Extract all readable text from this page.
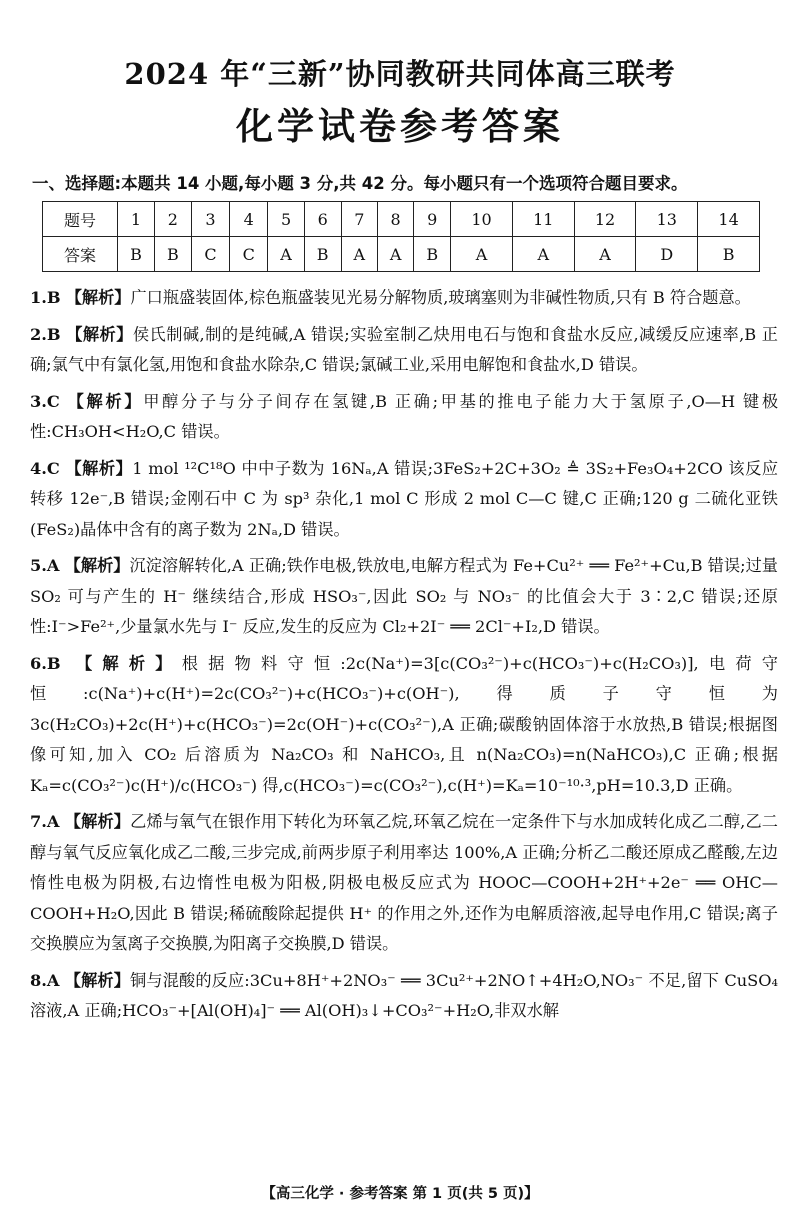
2024 年“三新”协同教研共同体高三联考
化学试卷参考答案
一、选择题:本题共 14 小题,每小题 3 分,共 42 分。每小题只有一个选项符合题目要求。
题号	1	2	3	4	5	6	7	8	9	10	11	12	13	14
答案	B	B	C	C	A	B	A	A	B	A	A	A	D	B
1.B 【解析】广口瓶盛装固体,棕色瓶盛装见光易分解物质,玻璃塞则为非碱性物质,只有 B 符合题意。
2.B 【解析】侯氏制碱,制的是纯碱,A 错误;实验室制乙炔用电石与饱和食盐水反应,减缓反应速率,B 正确;氯气中有氯化氢,用饱和食盐水除杂,C 错误;氯碱工业,采用电解饱和食盐水,D 错误。
3.C 【解析】甲醇分子与分子间存在氢键,B 正确;甲基的推电子能力大于氢原子,O—H 键极性:CH₃OH<H₂O,C 错误。
4.C 【解析】1 mol ¹²C¹⁸O 中中子数为 16Nₐ,A 错误;3FeS₂+2C+3O₂ ≜ 3S₂+Fe₃O₄+2CO 该反应转移 12e⁻,B 错误;金刚石中 C 为 sp³ 杂化,1 mol C 形成 2 mol C—C 键,C 正确;120 g 二硫化亚铁(FeS₂)晶体中含有的离子数为 2Nₐ,D 错误。
5.A 【解析】沉淀溶解转化,A 正确;铁作电极,铁放电,电解方程式为 Fe+Cu²⁺ ══ Fe²⁺+Cu,B 错误;过量 SO₂ 可与产生的 H⁻ 继续结合,形成 HSO₃⁻,因此 SO₂ 与 NO₃⁻ 的比值会大于 3∶2,C 错误;还原性:I⁻>Fe²⁺,少量氯水先与 I⁻ 反应,发生的反应为 Cl₂+2I⁻ ══ 2Cl⁻+I₂,D 错误。
6.B 【解析】根据物料守恒:2c(Na⁺)=3[c(CO₃²⁻)+c(HCO₃⁻)+c(H₂CO₃)],电荷守恒:c(Na⁺)+c(H⁺)=2c(CO₃²⁻)+c(HCO₃⁻)+c(OH⁻),得质子守恒为 3c(H₂CO₃)+2c(H⁺)+c(HCO₃⁻)=2c(OH⁻)+c(CO₃²⁻),A 正确;碳酸钠固体溶于水放热,B 错误;根据图像可知,加入 CO₂ 后溶质为 Na₂CO₃ 和 NaHCO₃,且 n(Na₂CO₃)=n(NaHCO₃),C 正确;根据 Kₐ=c(CO₃²⁻)c(H⁺)/c(HCO₃⁻) 得,c(HCO₃⁻)=c(CO₃²⁻),c(H⁺)=Kₐ=10⁻¹⁰·³,pH=10.3,D 正确。
7.A 【解析】乙烯与氧气在银作用下转化为环氧乙烷,环氧乙烷在一定条件下与水加成转化成乙二醇,乙二醇与氧气反应氧化成乙二酸,三步完成,前两步原子利用率达 100%,A 正确;分析乙二酸还原成乙醛酸,左边惰性电极为阴极,右边惰性电极为阳极,阴极电极反应式为 HOOC—COOH+2H⁺+2e⁻ ══ OHC—COOH+H₂O,因此 B 错误;稀硫酸除起提供 H⁺ 的作用之外,还作为电解质溶液,起导电作用,C 错误;离子交换膜应为氢离子交换膜,为阳离子交换膜,D 错误。
8.A 【解析】铜与混酸的反应:3Cu+8H⁺+2NO₃⁻ ══ 3Cu²⁺+2NO↑+4H₂O,NO₃⁻ 不足,留下 CuSO₄ 溶液,A 正确;HCO₃⁻+[Al(OH)₄]⁻ ══ Al(OH)₃↓+CO₃²⁻+H₂O,非双水解
【高三化学 · 参考答案 第 1 页(共 5 页)】
